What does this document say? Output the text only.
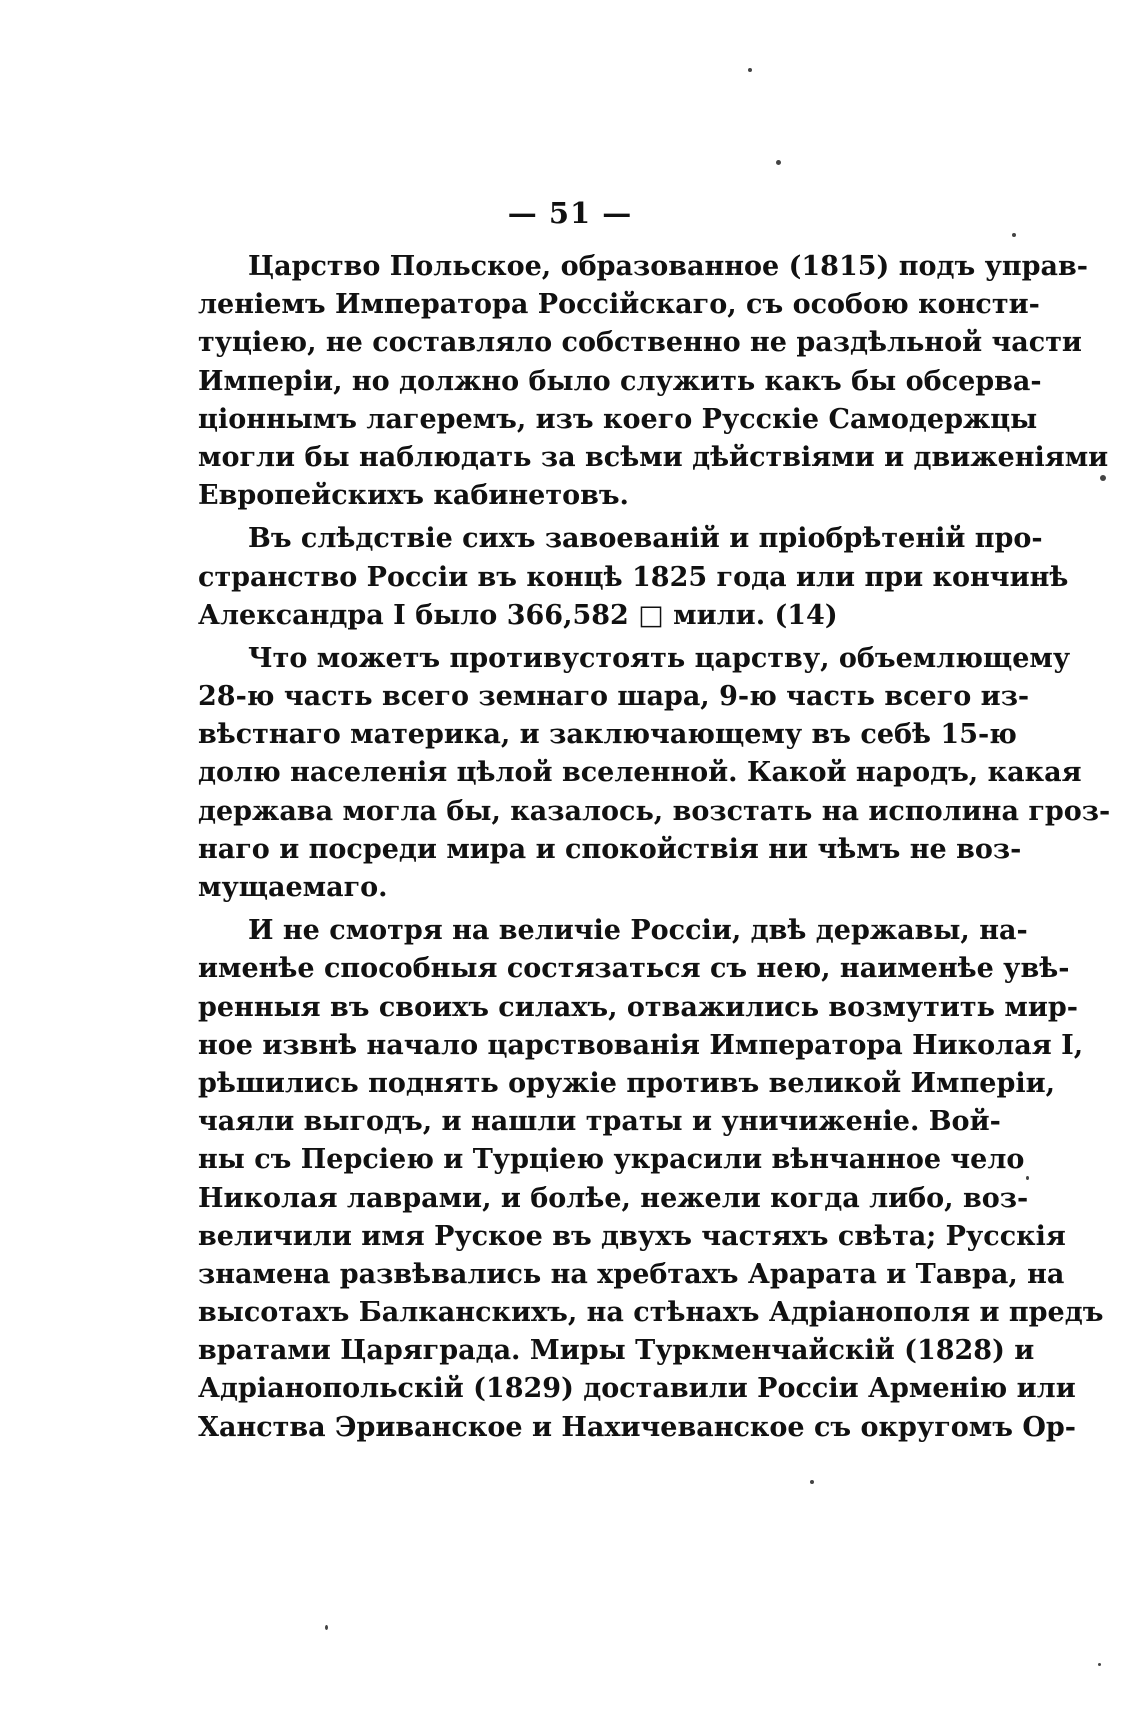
— 51 —
Царство Польское, образованное (1815) подъ управ-
леніемъ Императора Россійскаго, съ особою консти-
туціею, не составляло собственно не раздѣльной части
Имперіи, но должно было служить какъ бы обсерва-
ціоннымъ лагеремъ, изъ коего Русскіе Самодержцы
могли бы наблюдать за всѣми дѣйствіями и движеніями
Европейскихъ кабинетовъ.
Въ слѣдствіе сихъ завоеваній и пріобрѣтеній про-
странство Россіи въ концѣ 1825 года или при кончинѣ
Александра I было 366,582 □ мили. (14)
Что можетъ противустоять царству, объемлющему
28-ю часть всего земнаго шара, 9-ю часть всего из-
вѣстнаго материка, и заключающему въ себѣ 15-ю
долю населенія цѣлой вселенной. Какой народъ, какая
держава могла бы, казалось, возстать на исполина грoз-
наго и посреди мира и спокойствія ни чѣмъ не воз-
мущаемаго.
И не смотря на величіе Россіи, двѣ державы, на-
именѣе способныя состязаться съ нею, наименѣе увѣ-
ренныя въ своихъ силахъ, отважились возмутить мир-
ное извнѣ начало царствованія Императора Николая I,
рѣшились поднять оружіе противъ великой Имперіи,
чаяли выгодъ, и нашли траты и уничиженіе. Вой-
ны съ Персіею и Турціею украсили вѣнчанное чело
Николая лаврами, и болѣе, нежели когда либо, воз-
величили имя Руское въ двухъ частяхъ свѣта; Русскія
знамена развѣвались на хребтахъ Арарата и Тавра, на
высотахъ Балканскихъ, на стѣнахъ Адріанополя и предъ
вратами Царяграда. Миры Туркменчайскій (1828) и
Адріанопольскій (1829) доставили Россіи Арменію или
Ханства Эриванское и Нахичеванское съ округомъ Ор-
